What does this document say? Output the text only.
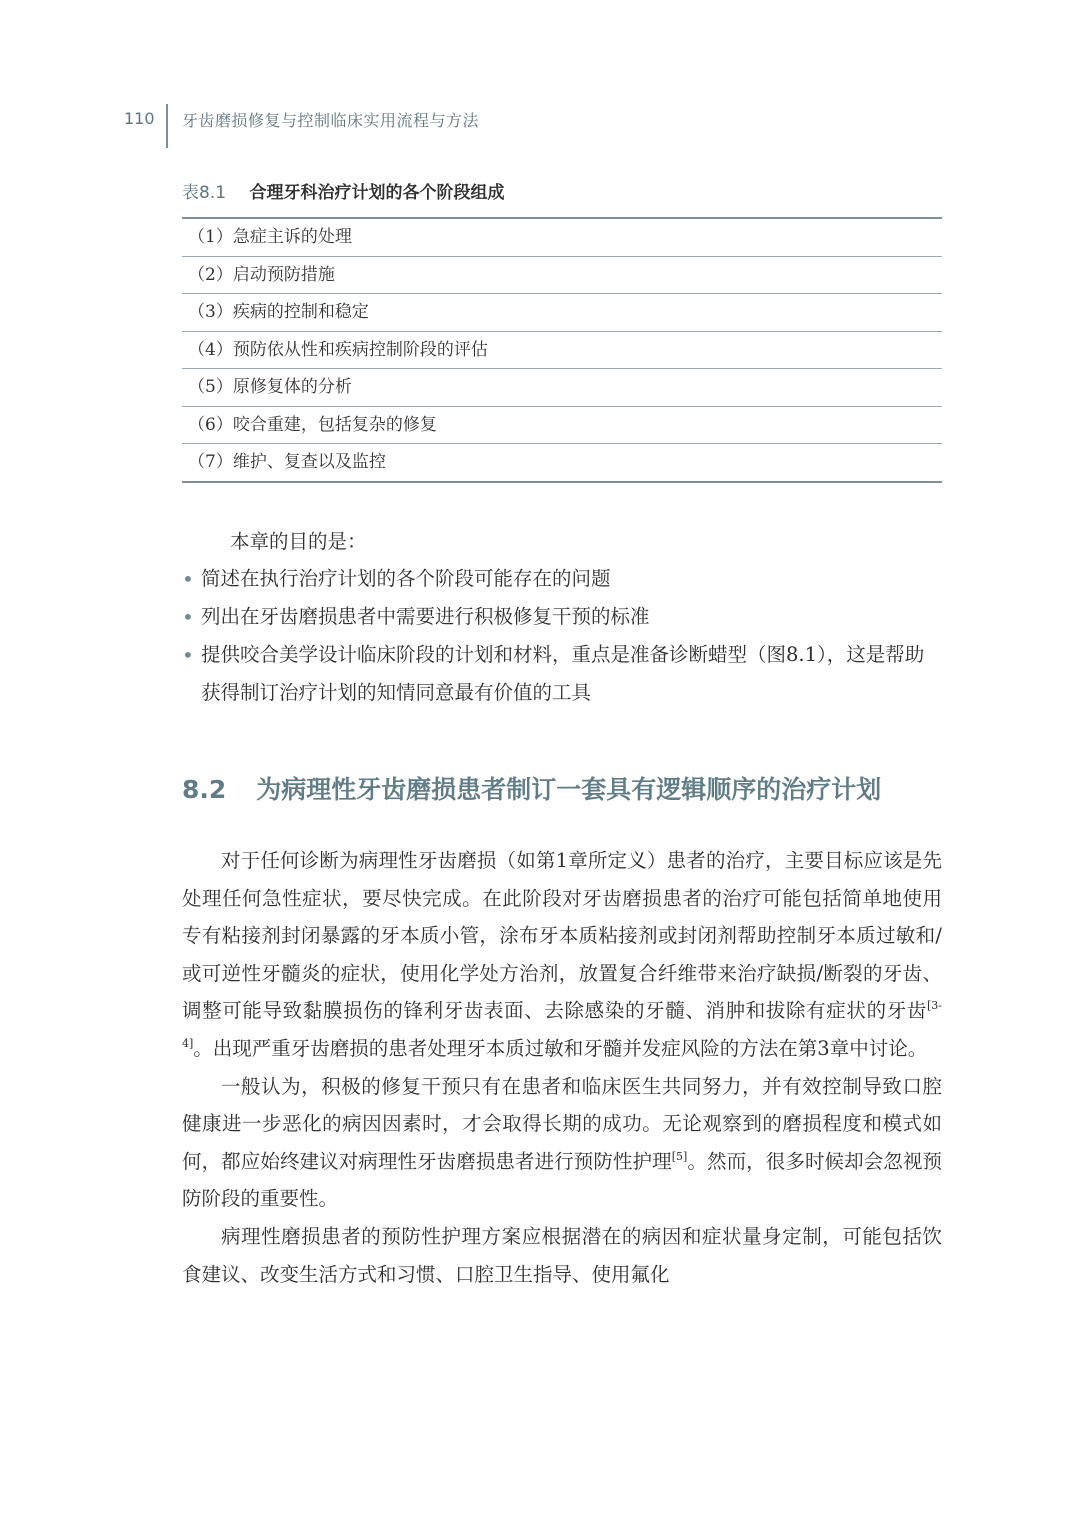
110 牙齿磨损修复与控制临床实用流程与方法
表8.1 合理牙科治疗计划的各个阶段组成
（1）急症主诉的处理
（2）启动预防措施
（3）疾病的控制和稳定
（4）预防依从性和疾病控制阶段的评估
（5）原修复体的分析
（6）咬合重建，包括复杂的修复
（7）维护、复查以及监控
本章的目的是：
• 简述在执行治疗计划的各个阶段可能存在的问题
• 列出在牙齿磨损患者中需要进行积极修复干预的标准
• 提供咬合美学设计临床阶段的计划和材料，重点是准备诊断蜡型（图8.1），这是帮助获得制订治疗计划的知情同意最有价值的工具
8.2 为病理性牙齿磨损患者制订一套具有逻辑顺序的治疗计划

对于任何诊断为病理性牙齿磨损（如第1章所定义）患者的治疗，主要目标应该是先处理任何急性症状，要尽快完成。在此阶段对牙齿磨损患者的治疗可能包括简单地使用专有粘接剂封闭暴露的牙本质小管，涂布牙本质粘接剂或封闭剂帮助控制牙本质过敏和/或可逆性牙髓炎的症状，使用化学处方治剂，放置复合纤维带来治疗缺损/断裂的牙齿、调整可能导致黏膜损伤的锋利牙齿表面、去除感染的牙髓、消肿和拔除有症状的牙齿[3-4]。出现严重牙齿磨损的患者处理牙本质过敏和牙髓并发症风险的方法在第3章中讨论。

一般认为，积极的修复干预只有在患者和临床医生共同努力，并有效控制导致口腔健康进一步恶化的病因因素时，才会取得长期的成功。无论观察到的磨损程度和模式如何，都应始终建议对病理性牙齿磨损患者进行预防性护理[5]。然而，很多时候却会忽视预防阶段的重要性。

病理性磨损患者的预防性护理方案应根据潜在的病因和症状量身定制，可能包括饮食建议、改变生活方式和习惯、口腔卫生指导、使用氟化
